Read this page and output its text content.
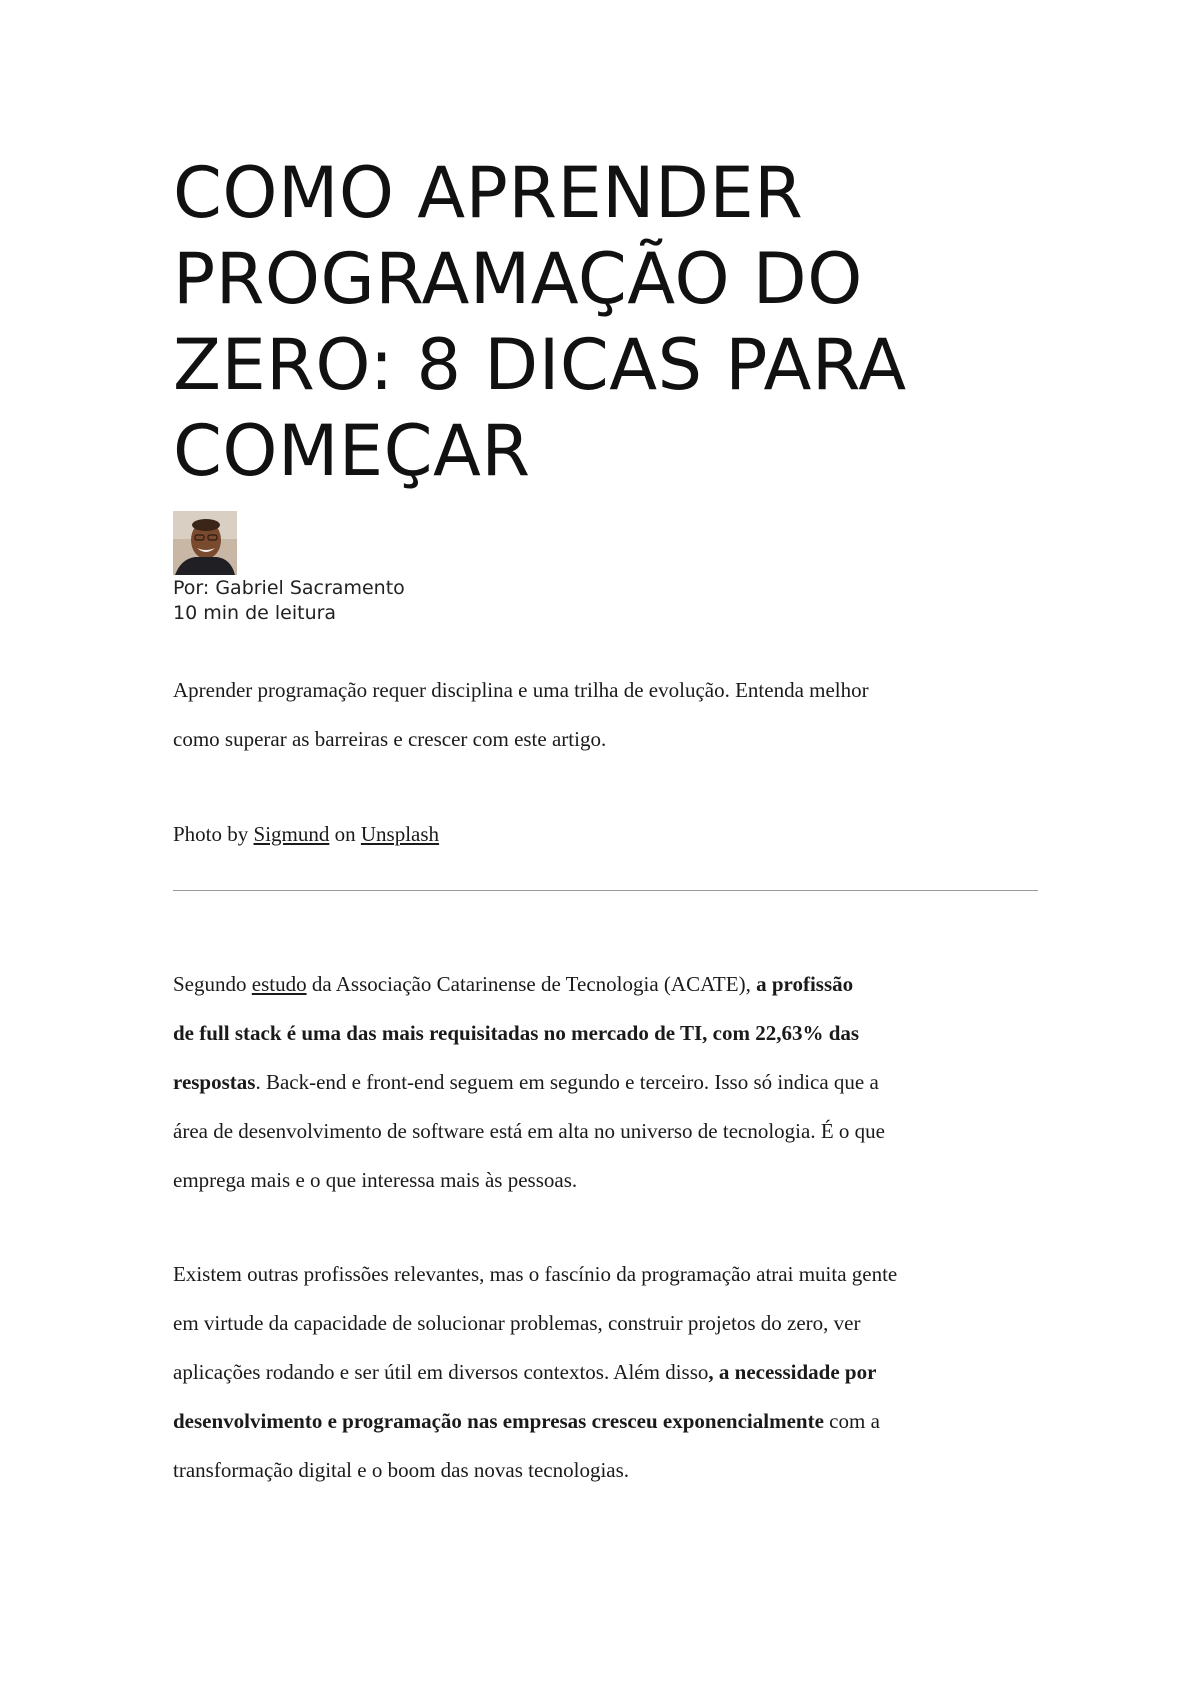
COMO APRENDER
PROGRAMAÇÃO DO
ZERO: 8 DICAS PARA
COMEÇAR
Por: Gabriel Sacramento
10 min de leitura

Aprender programação requer disciplina e uma trilha de evolução. Entenda melhor
como superar as barreiras e crescer com este artigo.

Photo by Sigmund on Unsplash

Segundo estudo da Associação Catarinense de Tecnologia (ACATE), a profissão
de full stack é uma das mais requisitadas no mercado de TI, com 22,63% das
respostas. Back-end e front-end seguem em segundo e terceiro. Isso só indica que a
área de desenvolvimento de software está em alta no universo de tecnologia. É o que
emprega mais e o que interessa mais às pessoas.

Existem outras profissões relevantes, mas o fascínio da programação atrai muita gente
em virtude da capacidade de solucionar problemas, construir projetos do zero, ver
aplicações rodando e ser útil em diversos contextos. Além disso, a necessidade por
desenvolvimento e programação nas empresas cresceu exponencialmente com a
transformação digital e o boom das novas tecnologias.
